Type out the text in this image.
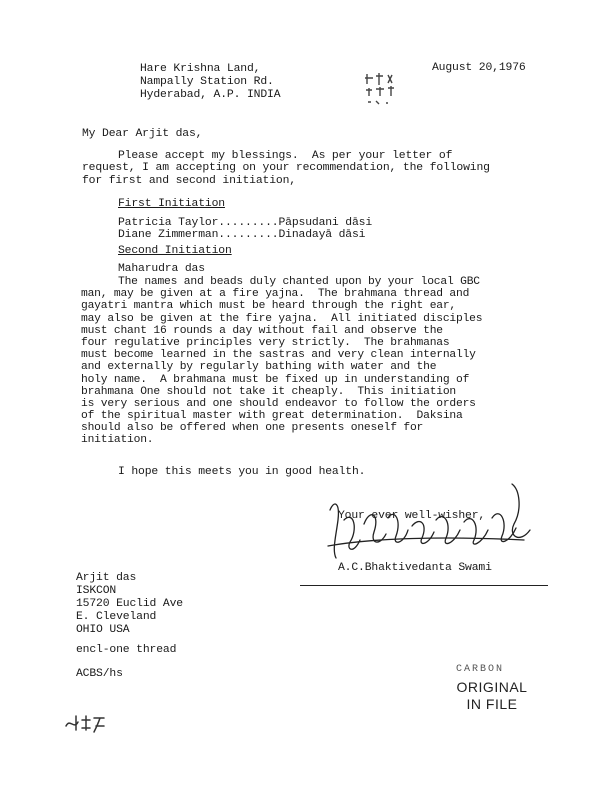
Hare Krishna Land,
Nampally Station Rd.
Hyderabad, A.P. INDIA
August 20,1976
My Dear Arjit das,
Please accept my blessings.  As per your letter of
request, I am accepting on your recommendation, the following
for first and second initiation,
First Initiation
Patricia Taylor.........Pāpsudani dāsi
Diane Zimmerman.........Dinadayā dāsi
Second Initiation
Maharudra das
The names and beads duly chanted upon by your local GBC
man, may be given at a fire yajna.  The brahmana thread and
gayatri mantra which must be heard through the right ear,
may also be given at the fire yajna.  All initiated disciples
must chant 16 rounds a day without fail and observe the
four regulative principles very strictly.  The brahmanas
must become learned in the sastras and very clean internally
and externally by regularly bathing with water and the
holy name.  A brahmana must be fixed up in understanding of
brahmana One should not take it cheaply.  This initiation
is very serious and one should endeavor to follow the orders
of the spiritual master with great determination.  Daksina
should also be offered when one presents oneself for
initiation.
I hope this meets you in good health.
Your ever well-wisher,
A.C.Bhaktivedanta Swami
Arjit das
ISKCON
15720 Euclid Ave
E. Cleveland
OHIO USA
encl-one thread
ACBS/hs	CARBON
ORIGINAL
IN FILE
